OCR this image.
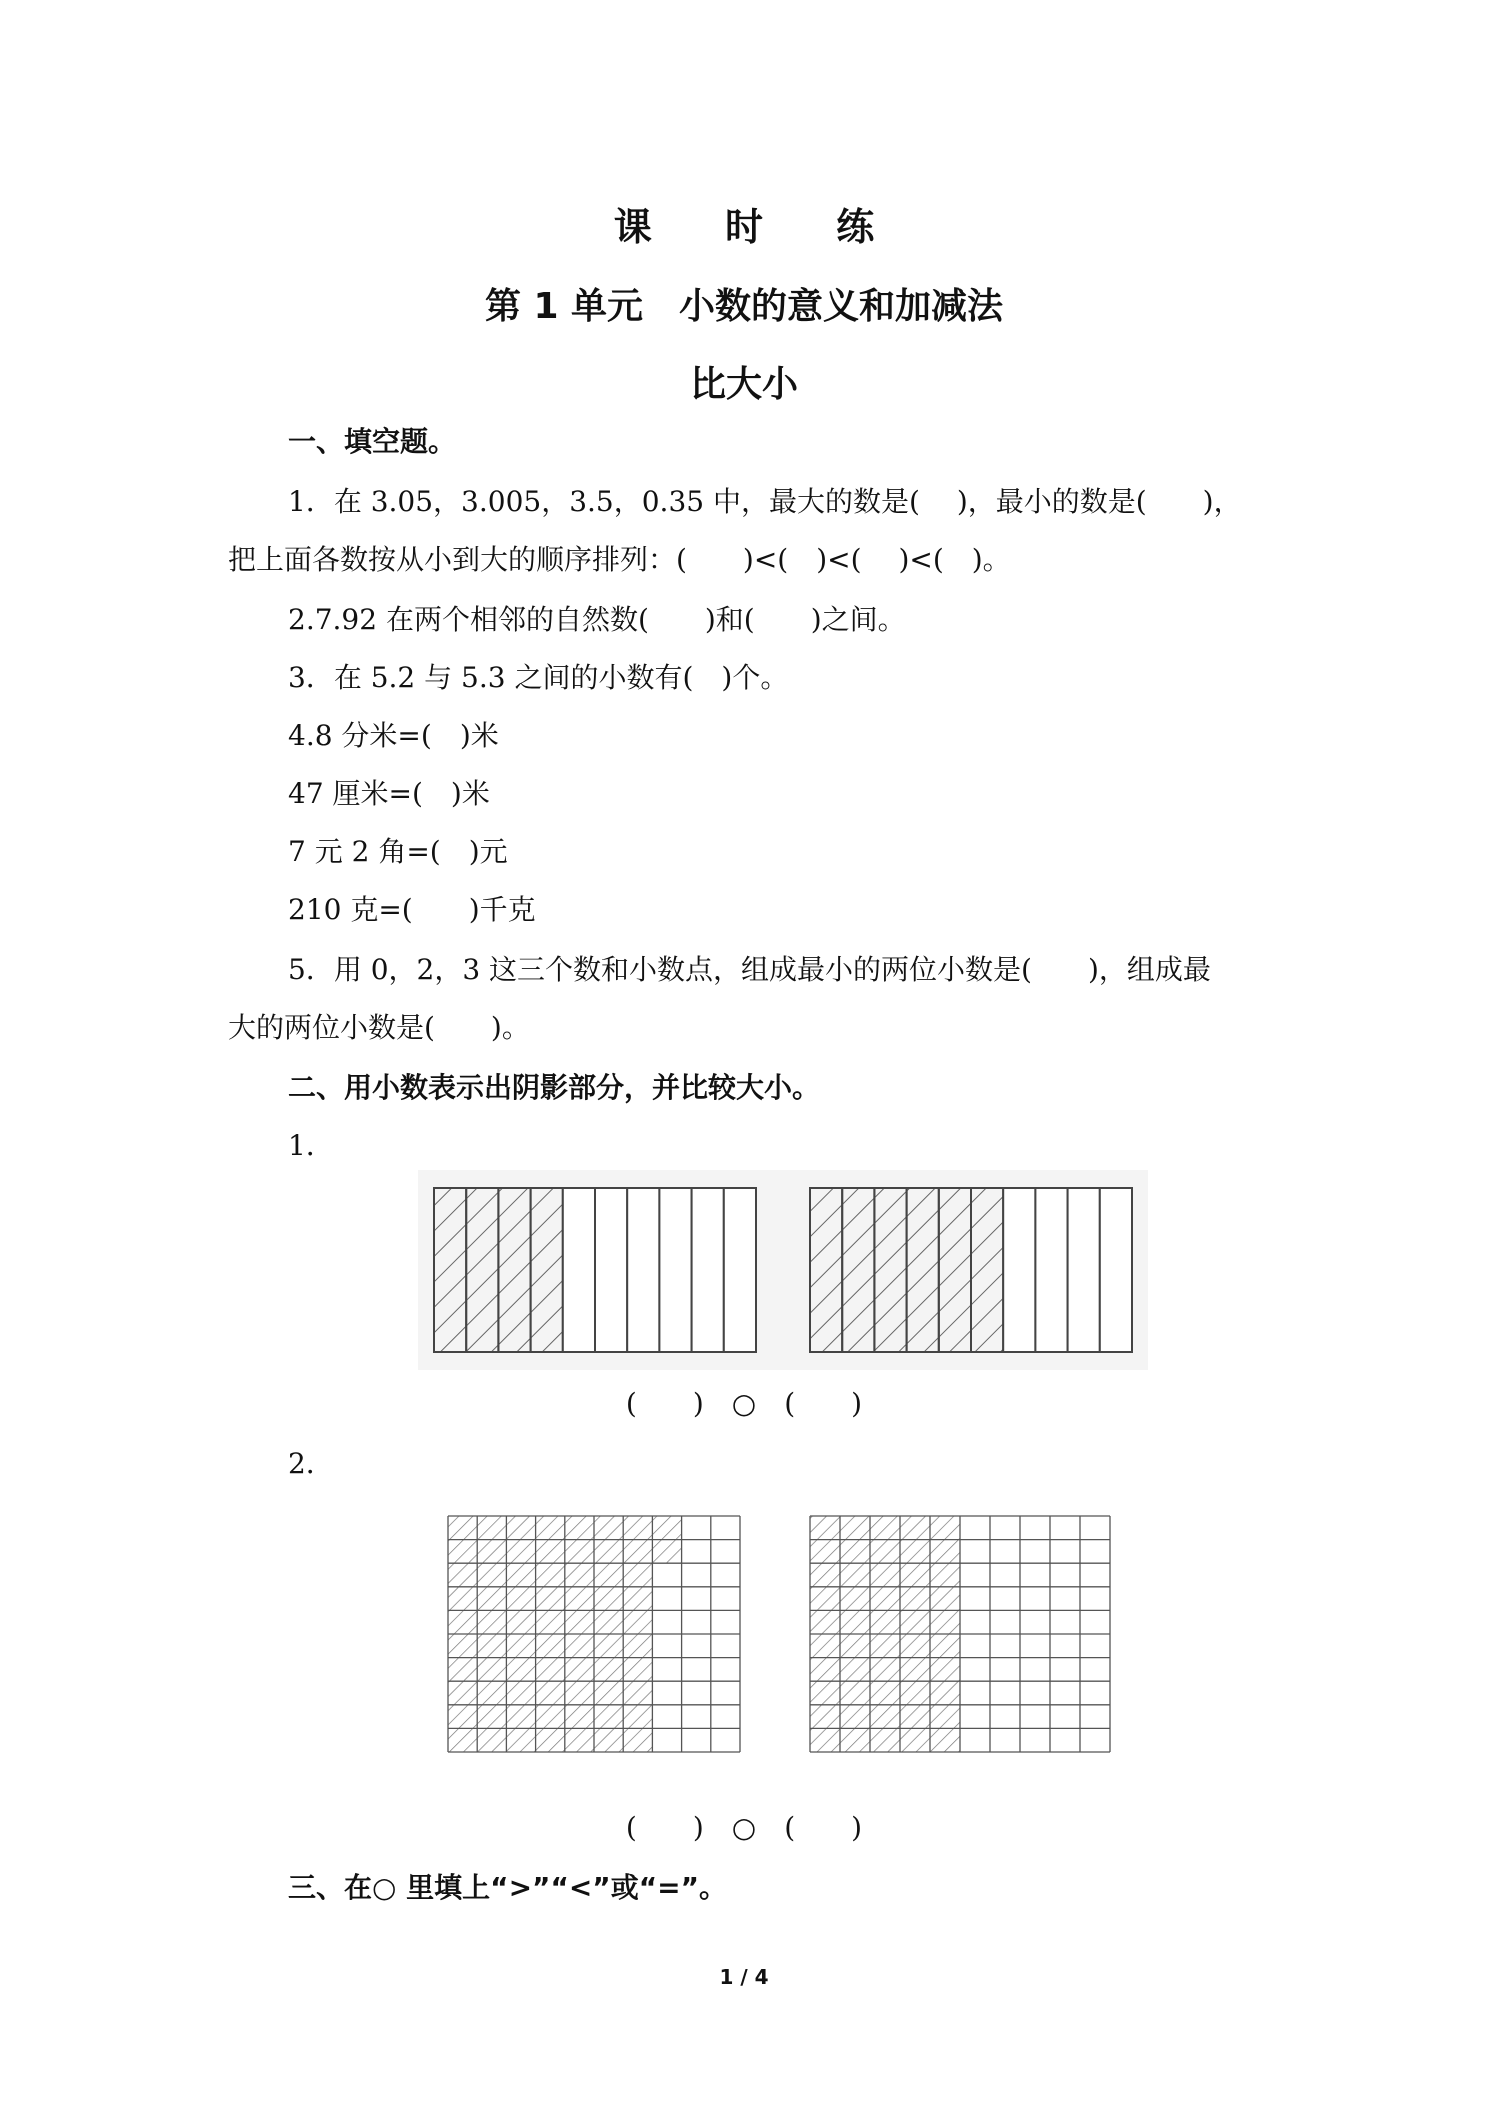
课 时 练
第 1 单元　小数的意义和加减法
比大小
一、填空题。
1．在 3.05，3.005，3.5，0.35 中，最大的数是(　 )，最小的数是(　　)，
把上面各数按从小到大的顺序排列：(　　)<(　)<(　 )<(　)。
2.7.92 在两个相邻的自然数(　　)和(　　)之间。
3．在 5.2 与 5.3 之间的小数有(　)个。
4.8 分米=(　)米
47 厘米=(　)米
7 元 2 角=(　)元
210 克=(　　)千克
5．用 0，2，3 这三个数和小数点，组成最小的两位小数是(　　)，组成最
大的两位小数是(　　)。
二、用小数表示出阴影部分，并比较大小。
1．
(　　)　○　(　　)
2．
(　　)　○　(　　)
三、在○ 里填上“>”“<”或“=”。
1 / 4
